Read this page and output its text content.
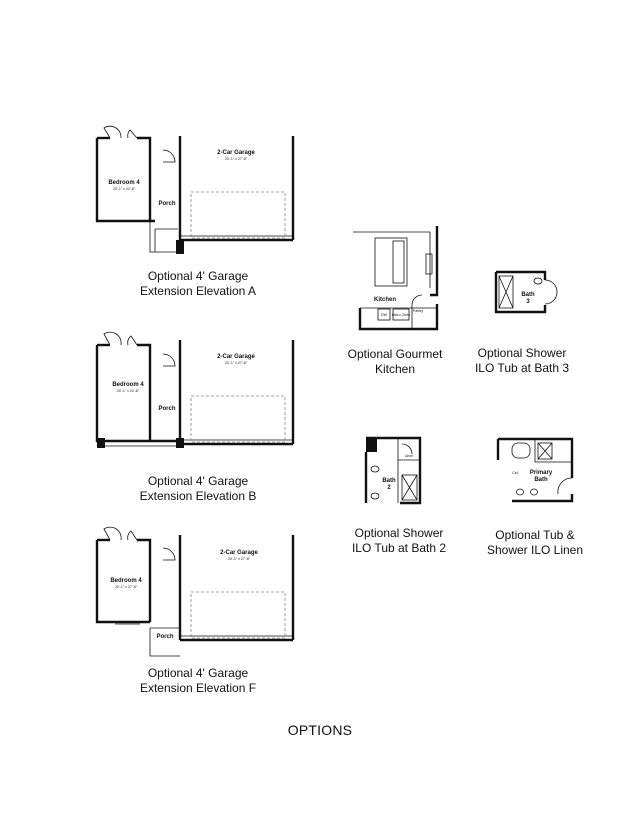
2-Car Garage
20'-1" x 27'-8"
Bedroom 4
20'-1" x 22'-8"
Porch
2-Car Garage
20'-1" x 27'-8"
Bedroom 4
20'-1" x 22'-8"
Porch
2-Car Garage
20'-1" x 27'-8"
Bedroom 4
20'-1" x 27'-8"
Porch
Kitchen
Pantry
DW Micro Oven
Bath
3
Bath
2
Linen
Primary
Bath
Cst
Optional 4' Garage
Extension Elevation A
Optional 4' Garage
Extension Elevation B
Optional 4' Garage
Extension Elevation F
Optional Gourmet
Kitchen
Optional Shower
ILO Tub at Bath 3
Optional Shower
ILO Tub at Bath 2
Optional Tub &
Shower ILO Linen
OPTIONS
